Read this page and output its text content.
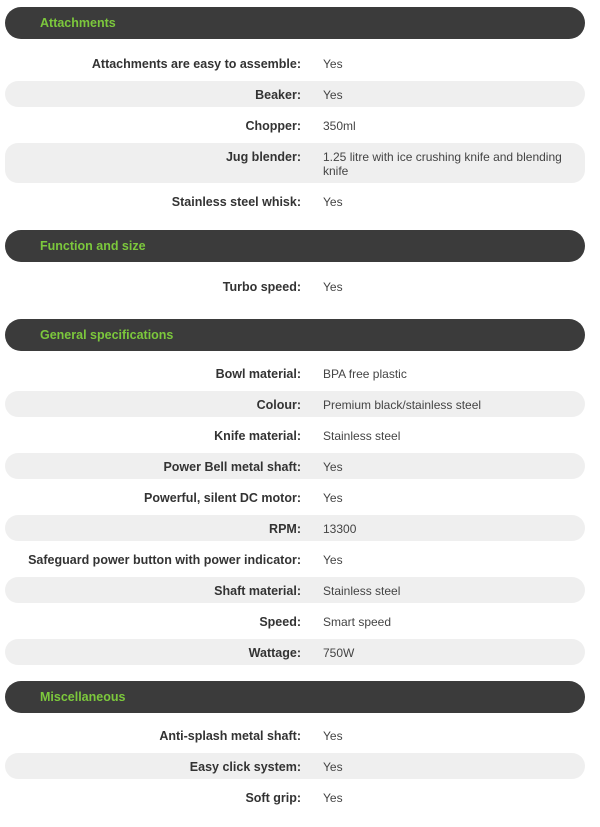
Attachments
Attachments are easy to assemble: Yes
Beaker: Yes
Chopper: 350ml
Jug blender: 1.25 litre with ice crushing knife and blending knife
Stainless steel whisk: Yes
Function and size
Turbo speed: Yes
General specifications
Bowl material: BPA free plastic
Colour: Premium black/stainless steel
Knife material: Stainless steel
Power Bell metal shaft: Yes
Powerful, silent DC motor: Yes
RPM: 13300
Safeguard power button with power indicator: Yes
Shaft material: Stainless steel
Speed: Smart speed
Wattage: 750W
Miscellaneous
Anti-splash metal shaft: Yes
Easy click system: Yes
Soft grip: Yes
